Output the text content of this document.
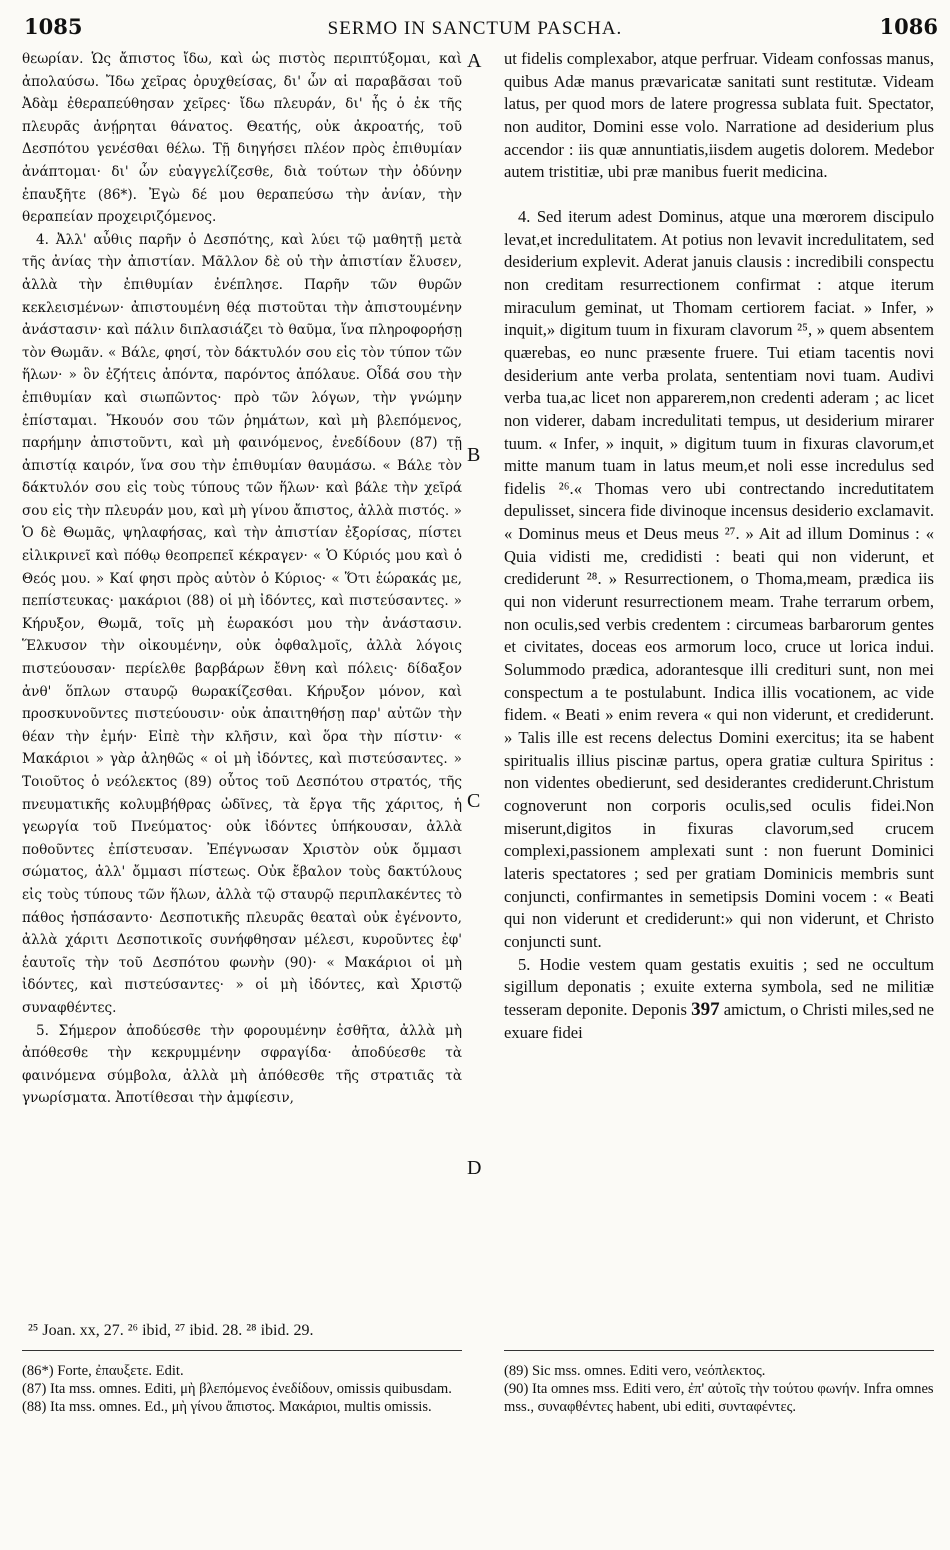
1085	SERMO IN SANCTUM PASCHA.	1086

θεωρίαν. Ὡς ἄπιστος ἴδω, καὶ ὡς πιστὸς περιπτύξομαι, καὶ ἀπολαύσω. Ἴδω χεῖρας ὀρυχθείσας, δι' ὧν αἱ παραβᾶσαι τοῦ Ἀδὰμ ἐθεραπεύθησαν χεῖρες· ἴδω πλευράν, δι' ἧς ὁ ἐκ τῆς πλευρᾶς ἀνῄρηται θάνατος. Θεατής, οὐκ ἀκροατής, τοῦ Δεσπότου γενέσθαι θέλω. Τῇ διηγήσει πλέον πρὸς ἐπιθυμίαν ἀνάπτομαι· δι' ὧν εὐαγγελίζεσθε, διὰ τούτων τὴν ὀδύνην ἐπαυξῆτε (86*). Ἐγὼ δέ μου θεραπεύσω τὴν ἀνίαν, τὴν θεραπείαν προχειριζόμενος.

4. Ἀλλ' αὖθις παρῆν ὁ Δεσπότης, καὶ λύει τῷ μαθητῇ μετὰ τῆς ἀνίας τὴν ἀπιστίαν. Μᾶλλον δὲ οὐ τὴν ἀπιστίαν ἔλυσεν, ἀλλὰ τὴν ἐπιθυμίαν ἐνέπλησε. Παρῆν τῶν θυρῶν κεκλεισμένων· ἀπιστουμένη θέᾳ πιστοῦται τὴν ἀπιστουμένην ἀνάστασιν· καὶ πάλιν διπλασιάζει τὸ θαῦμα, ἵνα πληροφορήσῃ τὸν Θωμᾶν. « Βάλε, φησί, τὸν δάκτυλόν σου εἰς τὸν τύπον τῶν ἥλων· » ὃν ἐζήτεις ἀπόντα, παρόντος ἀπόλαυε. Οἶδά σου τὴν ἐπιθυμίαν καὶ σιωπῶντος· πρὸ τῶν λόγων, τὴν γνώμην ἐπίσταμαι. Ἤκουόν σου τῶν ῥημάτων, καὶ μὴ βλεπόμενος, παρήμην ἀπιστοῦντι, καὶ μὴ φαινόμενος, ἐνεδίδουν (87) τῇ ἀπιστίᾳ καιρόν, ἵνα σου τὴν ἐπιθυμίαν θαυμάσω. « Βάλε τὸν δάκτυλόν σου εἰς τοὺς τύπους τῶν ἥλων· καὶ βάλε τὴν χεῖρά σου εἰς τὴν πλευράν μου, καὶ μὴ γίνου ἄπιστος, ἀλλὰ πιστός. » Ὁ δὲ Θωμᾶς, ψηλαφήσας, καὶ τὴν ἀπιστίαν ἐξορίσας, πίστει εἰλικρινεῖ καὶ πόθῳ θεοπρεπεῖ κέκραγεν· « Ὁ Κύριός μου καὶ ὁ Θεός μου. » Καί φησι πρὸς αὐτὸν ὁ Κύριος· « Ὅτι ἑώρακάς με, πεπίστευκας· μακάριοι (88) οἱ μὴ ἰδόντες, καὶ πιστεύσαντες. » Κήρυξον, Θωμᾶ, τοῖς μὴ ἑωρακόσι μου τὴν ἀνάστασιν. Ἕλκυσον τὴν οἰκουμένην, οὐκ ὀφθαλμοῖς, ἀλλὰ λόγοις πιστεύουσαν· περίελθε βαρβάρων ἔθνη καὶ πόλεις· δίδαξον ἀνθ' ὅπλων σταυρῷ θωρακίζεσθαι. Κήρυξον μόνον, καὶ προσκυνοῦντες πιστεύουσιν· οὐκ ἀπαιτηθήσῃ παρ' αὐτῶν τὴν θέαν τὴν ἐμήν· Εἰπὲ τὴν κλῆσιν, καὶ ὅρα τὴν πίστιν· « Μακάριοι » γὰρ ἀληθῶς « οἱ μὴ ἰδόντες, καὶ πιστεύσαντες. » Τοιοῦτος ὁ νεόλεκτος (89) οὗτος τοῦ Δεσπότου στρατός, τῆς πνευματικῆς κολυμβήθρας ὠδῖνες, τὰ ἔργα τῆς χάριτος, ἡ γεωργία τοῦ Πνεύματος· οὐκ ἰδόντες ὑπήκουσαν, ἀλλὰ ποθοῦντες ἐπίστευσαν. Ἐπέγνωσαν Χριστὸν οὐκ ὄμμασι σώματος, ἀλλ' ὄμμασι πίστεως. Οὐκ ἔβαλον τοὺς δακτύλους εἰς τοὺς τύπους τῶν ἥλων, ἀλλὰ τῷ σταυρῷ περιπλακέντες τὸ πάθος ἠσπάσαντο· Δεσποτικῆς πλευρᾶς θεαταὶ οὐκ ἐγένοντο, ἀλλὰ χάριτι Δεσποτικοῖς συνήφθησαν μέλεσι, κυροῦντες ἐφ' ἑαυτοῖς τὴν τοῦ Δεσπότου φωνὴν (90)· « Μακάριοι οἱ μὴ ἰδόντες, καὶ πιστεύσαντες· » οἱ μὴ ἰδόντες, καὶ Χριστῷ συναφθέντες.

5. Σήμερον ἀποδύεσθε τὴν φορουμένην ἐσθῆτα, ἀλλὰ μὴ ἀπόθεσθε τὴν κεκρυμμένην σφραγίδα· ἀποδύεσθε τὰ φαινόμενα σύμβολα, ἀλλὰ μὴ ἀπόθεσθε τῆς στρατιᾶς τὰ γνωρίσματα. Ἀποτίθεσαι τὴν ἀμφίεσιν,

A
B
C
D

ut fidelis complexabor, atque perfruar. Videam confossas manus, quibus Adæ manus prævaricatæ sanitati sunt restitutæ. Videam latus, per quod mors de latere progressa sublata fuit. Spectator, non auditor, Domini esse volo. Narratione ad desiderium plus accendor : iis quæ annuntiatis,iisdem augetis dolorem. Medebor autem tristitiæ, ubi præ manibus fuerit medicina.

4. Sed iterum adest Dominus, atque una mœrorem discipulo levat,et incredulitatem. At potius non levavit incredulitatem, sed desiderium explevit. Aderat januis clausis : incredibili conspectu non creditam resurrectionem confirmat : atque iterum miraculum geminat, ut Thomam certiorem faciat. » Infer, » inquit,» digitum tuum in fixuram clavorum ²⁵, » quem absentem quærebas, eo nunc præsente fruere. Tui etiam tacentis novi desiderium ante verba prolata, sententiam novi tuam. Audivi verba tua,ac licet non apparerem,non credenti aderam ; ac licet non viderer, dabam incredulitati tempus, ut desiderium mirarer tuum. « Infer, » inquit, » digitum tuum in fixuras clavorum,et mitte manum tuam in latus meum,et noli esse incredulus sed fidelis ²⁶.« Thomas vero ubi contrectando incredutitatem depulisset, sincera fide divinoque incensus desiderio exclamavit. « Dominus meus et Deus meus ²⁷. » Ait ad illum Dominus : « Quia vidisti me, credidisti : beati qui non viderunt, et crediderunt ²⁸. » Resurrectionem, o Thoma,meam, prædica iis qui non viderunt resurrectionem meam. Trahe terrarum orbem, non oculis,sed verbis credentem : circumeas barbarorum gentes et civitates, doceas eos armorum loco, cruce ut lorica indui. Solummodo prædica, adorantesque illi credituri sunt, non mei conspectum a te postulabunt. Indica illis vocationem, ac vide fidem. « Beati » enim revera « qui non viderunt, et crediderunt. » Talis ille est recens delectus Domini exercitus; ita se habent spiritualis illius piscinæ partus, opera gratiæ cultura Spiritus : non videntes obedierunt, sed desiderantes crediderunt.Christum cognoverunt non corporis oculis,sed oculis fidei.Non miserunt,digitos in fixuras clavorum,sed crucem complexi,passionem amplexati sunt : non fuerunt Dominici lateris spectatores ; sed per gratiam Dominicis membris sunt conjuncti, confirmantes in semetipsis Domini vocem : « Beati qui non viderunt et crediderunt:» qui non viderunt, et Christo conjuncti sunt.

5. Hodie vestem quam gestatis exuitis ; sed ne occultum sigillum deponatis ; exuite externa symbola, sed ne militiæ tesseram deponite. Deponis 397 amictum, o Christi miles,sed ne exuare fidei

²⁵ Joan. xx, 27. ²⁶ ibid, ²⁷ ibid. 28. ²⁸ ibid. 29.

(86*) Forte, ἐπαυξετε. Edit.

(87) Ita mss. omnes. Editi, μὴ βλεπόμενος ἐνεδίδουν, omissis quibusdam.

(88) Ita mss. omnes. Ed., μὴ γίνου ἄπιστος. Μακάριοι, multis omissis.

(89) Sic mss. omnes. Editi vero, νεόπλεκτος.

(90) Ita omnes mss. Editi vero, ἐπ' αὐτοῖς τὴν τούτου φωνήν. Infra omnes mss., συναφθέντες habent, ubi editi, συνταφέντες.
